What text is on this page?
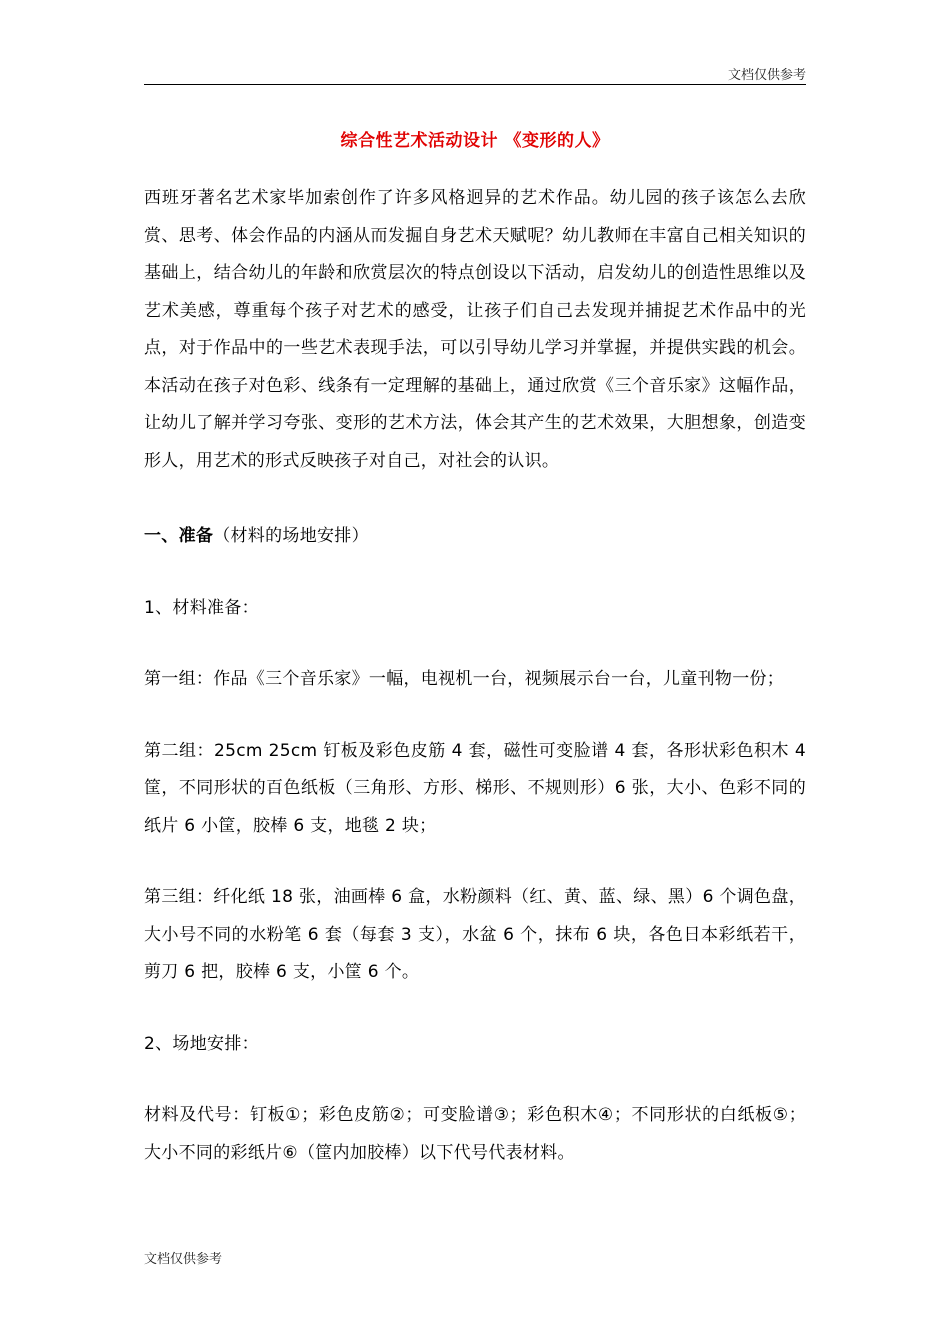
文档仅供参考
综合性艺术活动设计 《变形的人》

西班牙著名艺术家毕加索创作了许多风格迥异的艺术作品。幼儿园的孩子该怎么去欣赏、思考、体会作品的内涵从而发掘自身艺术天赋呢？幼儿教师在丰富自己相关知识的基础上，结合幼儿的年龄和欣赏层次的特点创设以下活动，启发幼儿的创造性思维以及艺术美感，尊重每个孩子对艺术的感受，让孩子们自己去发现并捕捉艺术作品中的光点，对于作品中的一些艺术表现手法，可以引导幼儿学习并掌握，并提供实践的机会。本活动在孩子对色彩、线条有一定理解的基础上，通过欣赏《三个音乐家》这幅作品，让幼儿了解并学习夸张、变形的艺术方法，体会其产生的艺术效果，大胆想象，创造变形人，用艺术的形式反映孩子对自己，对社会的认识。

一、准备（材料的场地安排）

1、材料准备：

第一组：作品《三个音乐家》一幅，电视机一台，视频展示台一台，儿童刊物一份；

第二组：25cm 25cm 钉板及彩色皮筋 4 套，磁性可变脸谱 4 套，各形状彩色积木 4 筐，不同形状的百色纸板（三角形、方形、梯形、不规则形）6 张，大小、色彩不同的纸片 6 小筐，胶棒 6 支，地毯 2 块；

第三组：纤化纸 18 张，油画棒 6 盒，水粉颜料（红、黄、蓝、绿、黑）6 个调色盘，大小号不同的水粉笔 6 套（每套 3 支），水盆 6 个，抹布 6 块，各色日本彩纸若干，剪刀 6 把，胶棒 6 支，小筐 6 个。

2、场地安排：

材料及代号：钉板①；彩色皮筋②；可变脸谱③；彩色积木④；不同形状的白纸板⑤；大小不同的彩纸片⑥（筐内加胶棒）以下代号代表材料。

文档仅供参考
